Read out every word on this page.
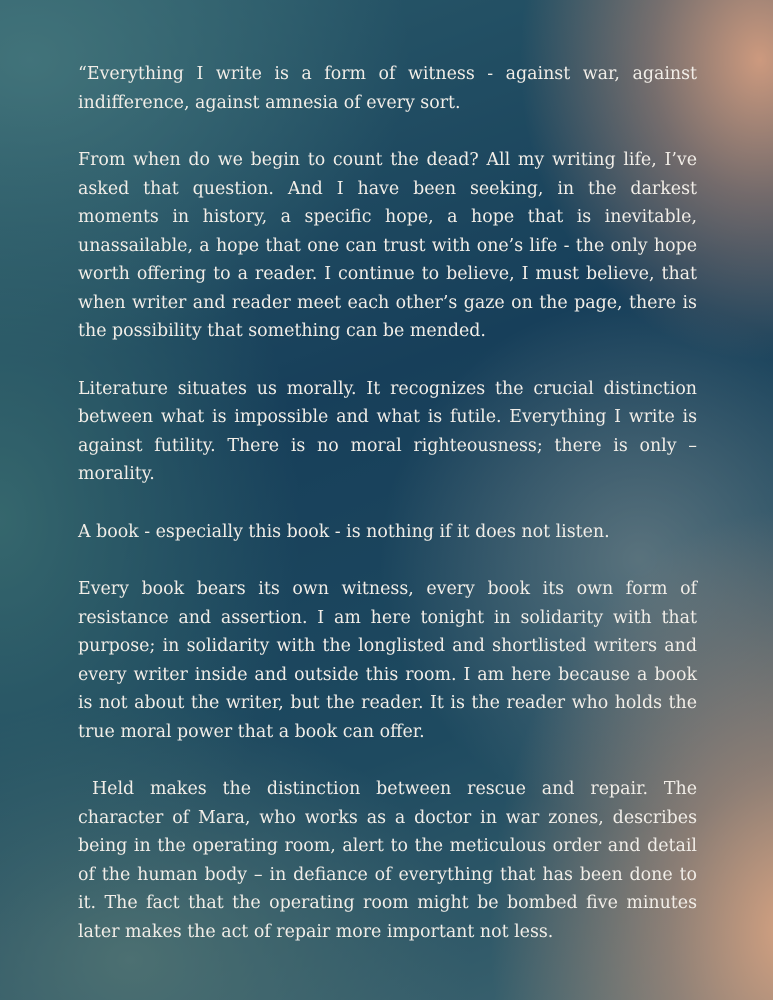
“Everything I write is a form of witness - against war, against indifference, against amnesia of every sort.

From when do we begin to count the dead? All my writing life, I’ve asked that question. And I have been seeking, in the darkest moments in history, a specific hope, a hope that is inevitable, unassailable, a hope that one can trust with one’s life - the only hope worth offering to a reader. I continue to believe, I must believe, that when writer and reader meet each other’s gaze on the page, there is the possibility that something can be mended.

Literature situates us morally. It recognizes the crucial distinction between what is impossible and what is futile. Everything I write is against futility. There is no moral righteousness; there is only – morality.

A book - especially this book - is nothing if it does not listen.

Every book bears its own witness, every book its own form of resistance and assertion. I am here tonight in solidarity with that purpose; in solidarity with the longlisted and shortlisted writers and every writer inside and outside this room. I am here because a book is not about the writer, but the reader. It is the reader who holds the true moral power that a book can offer.

Held makes the distinction between rescue and repair. The character of Mara, who works as a doctor in war zones, describes being in the operating room, alert to the meticulous order and detail of the human body – in defiance of everything that has been done to it. The fact that the operating room might be bombed five minutes later makes the act of repair more important not less.
